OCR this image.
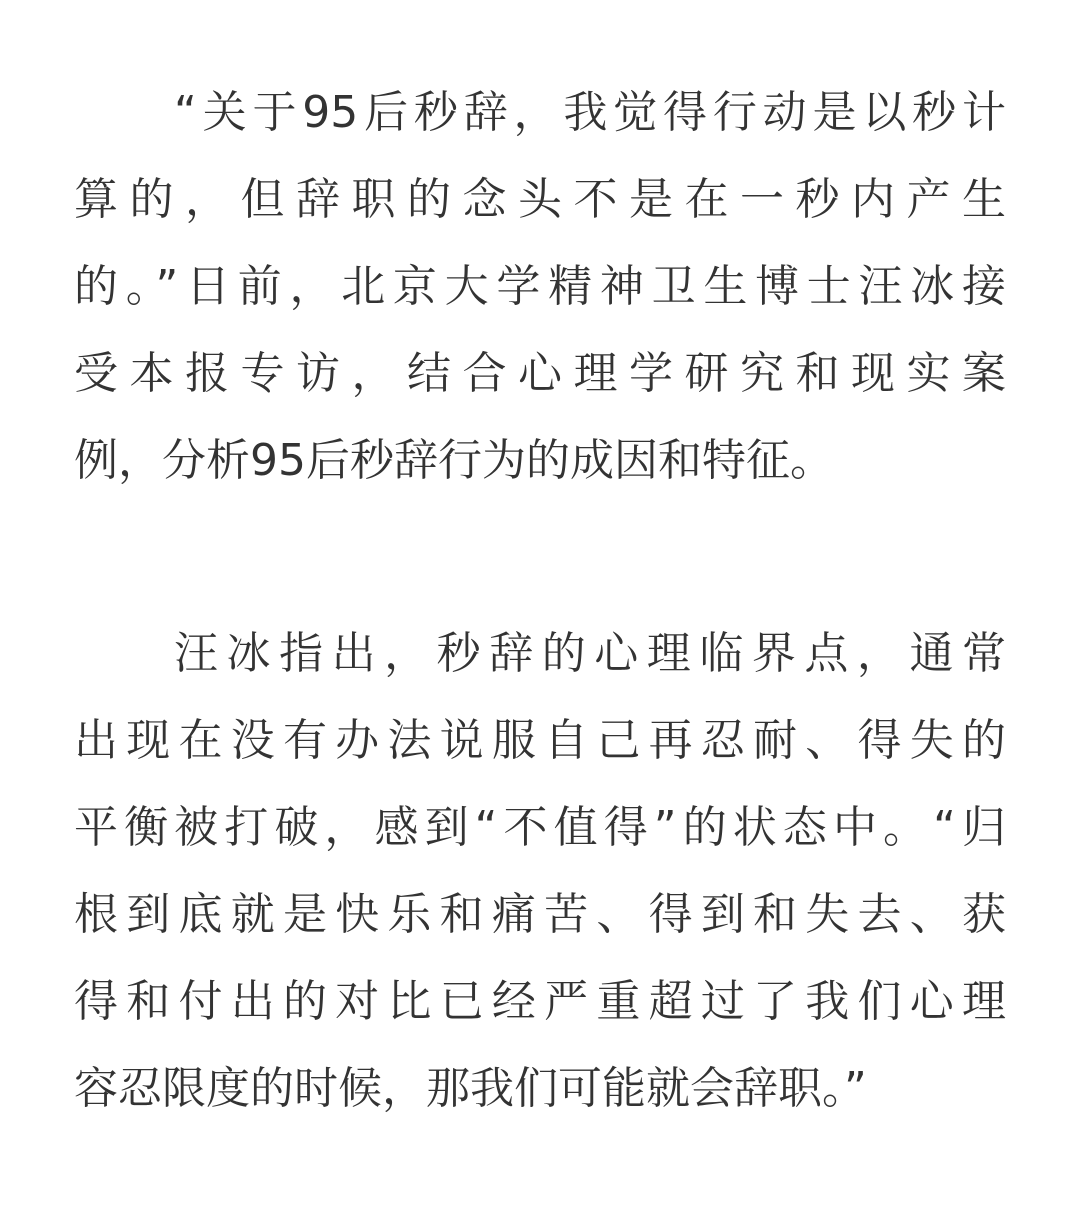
“关于95后秒辞，我觉得行动是以秒计
算的，但辞职的念头不是在一秒内产生
的。”日前，北京大学精神卫生博士汪冰接
受本报专访，结合心理学研究和现实案
例，分析95后秒辞行为的成因和特征。
汪冰指出，秒辞的心理临界点，通常
出现在没有办法说服自己再忍耐、得失的
平衡被打破，感到“不值得”的状态中。“归
根到底就是快乐和痛苦、得到和失去、获
得和付出的对比已经严重超过了我们心理
容忍限度的时候，那我们可能就会辞职。”
